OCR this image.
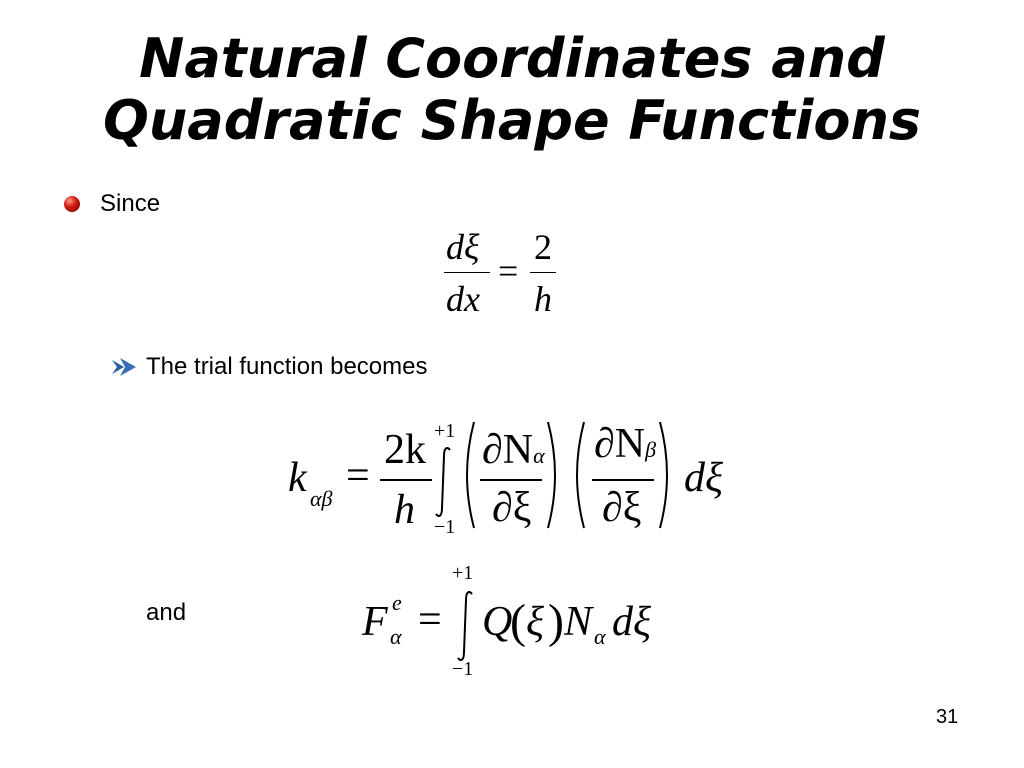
Natural Coordinates and
Quadratic Shape Functions
Since
dξ
dx
=
2
h
The trial function becomes
k αβ =
2k
h
+1
−1
∂Nα
∂ξ
∂Nβ
∂ξ
dξ
and	F e
α =
+1
−1
Q
( ξ ) N α dξ
31
